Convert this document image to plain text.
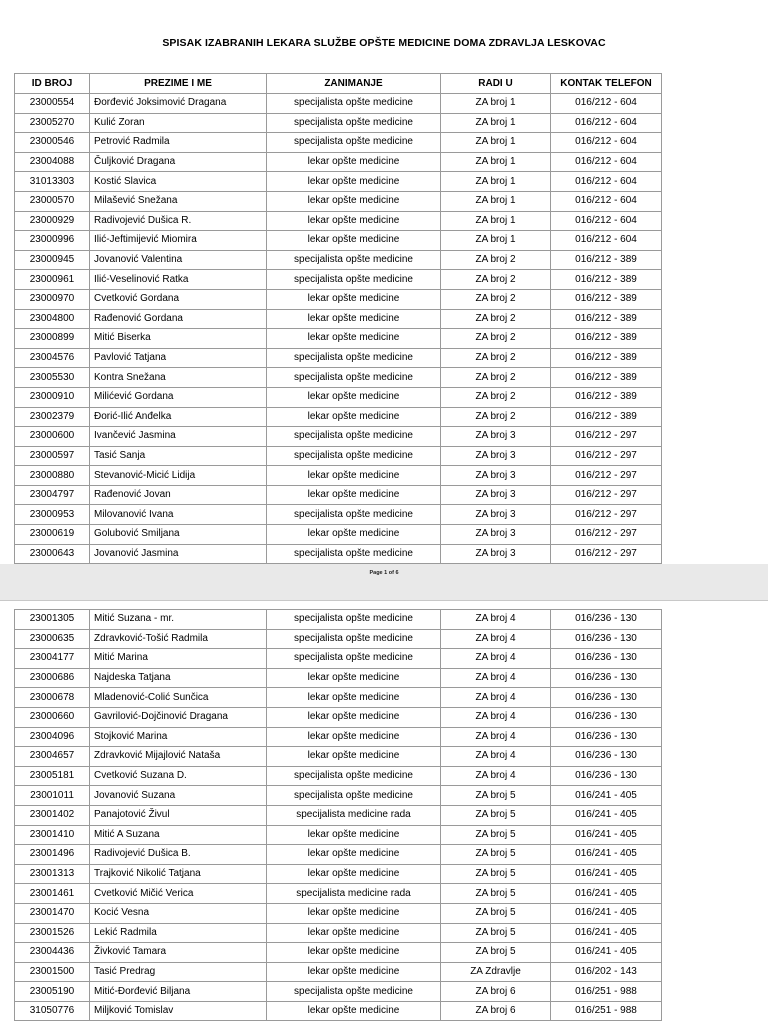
SPISAK IZABRANIH LEKARA SLUŽBE OPŠTE MEDICINE DOMA ZDRAVLJA LESKOVAC
ID BROJ	PREZIME I ME	ZANIMANJE	RADI U	KONTAK TELEFON
23000554	Đorđević Joksimović Dragana	specijalista opšte medicine	ZA broj 1	016/212 - 604
23005270	Kulić Zoran	specijalista opšte medicine	ZA broj 1	016/212 - 604
23000546	Petrović Radmila	specijalista opšte medicine	ZA broj 1	016/212 - 604
23004088	Čuljković Dragana	lekar opšte medicine	ZA broj 1	016/212 - 604
31013303	Kostić Slavica	lekar opšte medicine	ZA broj 1	016/212 - 604
23000570	Milašević Snežana	lekar opšte medicine	ZA broj 1	016/212 - 604
23000929	Radivojević Dušica R.	lekar opšte medicine	ZA broj 1	016/212 - 604
23000996	Ilić-Jeftimijević Miomira	lekar opšte medicine	ZA broj 1	016/212 - 604
23000945	Jovanović Valentina	specijalista opšte medicine	ZA broj 2	016/212 - 389
23000961	Ilić-Veselinović Ratka	specijalista opšte medicine	ZA broj 2	016/212 - 389
23000970	Cvetković Gordana	lekar opšte medicine	ZA broj 2	016/212 - 389
23004800	Rađenović Gordana	lekar opšte medicine	ZA broj 2	016/212 - 389
23000899	Mitić Biserka	lekar opšte medicine	ZA broj 2	016/212 - 389
23004576	Pavlović Tatjana	specijalista opšte medicine	ZA broj 2	016/212 - 389
23005530	Kontra Snežana	specijalista opšte medicine	ZA broj 2	016/212 - 389
23000910	Milićević Gordana	lekar opšte medicine	ZA broj 2	016/212 - 389
23002379	Đorić-Ilić Anđelka	lekar opšte medicine	ZA broj 2	016/212 - 389
23000600	Ivančević Jasmina	specijalista opšte medicine	ZA broj 3	016/212 - 297
23000597	Tasić Sanja	specijalista opšte medicine	ZA broj 3	016/212 - 297
23000880	Stevanović-Micić Lidija	lekar opšte medicine	ZA broj 3	016/212 - 297
23004797	Rađenović Jovan	lekar opšte medicine	ZA broj 3	016/212 - 297
23000953	Milovanović Ivana	specijalista opšte medicine	ZA broj 3	016/212 - 297
23000619	Golubović Smiljana	lekar opšte medicine	ZA broj 3	016/212 - 297
23000643	Jovanović Jasmina	specijalista opšte medicine	ZA broj 3	016/212 - 297
Page 1 of 6
23001305	Mitić Suzana - mr.	specijalista opšte medicine	ZA broj 4	016/236 - 130
23000635	Zdravković-Tošić Radmila	specijalista opšte medicine	ZA broj 4	016/236 - 130
23004177	Mitić Marina	specijalista opšte medicine	ZA broj 4	016/236 - 130
23000686	Najdeska Tatjana	lekar opšte medicine	ZA broj 4	016/236 - 130
23000678	Mladenović-Colić Sunčica	lekar opšte medicine	ZA broj 4	016/236 - 130
23000660	Gavrilović-Dojčinović Dragana	lekar opšte medicine	ZA broj 4	016/236 - 130
23004096	Stojković Marina	lekar opšte medicine	ZA broj 4	016/236 - 130
23004657	Zdravković Mijajlović Nataša	lekar opšte medicine	ZA broj 4	016/236 - 130
23005181	Cvetković Suzana D.	specijalista opšte medicine	ZA broj 4	016/236 - 130
23001011	Jovanović Suzana	specijalista opšte medicine	ZA broj 5	016/241 - 405
23001402	Panajotović Živul	specijalista medicine rada	ZA broj 5	016/241 - 405
23001410	Mitić A Suzana	lekar opšte medicine	ZA broj 5	016/241 - 405
23001496	Radivojević Dušica B.	lekar opšte medicine	ZA broj 5	016/241 - 405
23001313	Trajković Nikolić Tatjana	lekar opšte medicine	ZA broj 5	016/241 - 405
23001461	Cvetković Mičić Verica	specijalista medicine rada	ZA broj 5	016/241 - 405
23001470	Kocić Vesna	lekar opšte medicine	ZA broj 5	016/241 - 405
23001526	Lekić Radmila	lekar opšte medicine	ZA broj 5	016/241 - 405
23004436	Živković Tamara	lekar opšte medicine	ZA broj 5	016/241 - 405
23001500	Tasić Predrag	lekar opšte medicine	ZA Zdravlje	016/202 - 143
23005190	Mitić-Đorđević Biljana	specijalista opšte medicine	ZA broj 6	016/251 - 988
31050776	Miljković Tomislav	lekar opšte medicine	ZA broj 6	016/251 - 988
